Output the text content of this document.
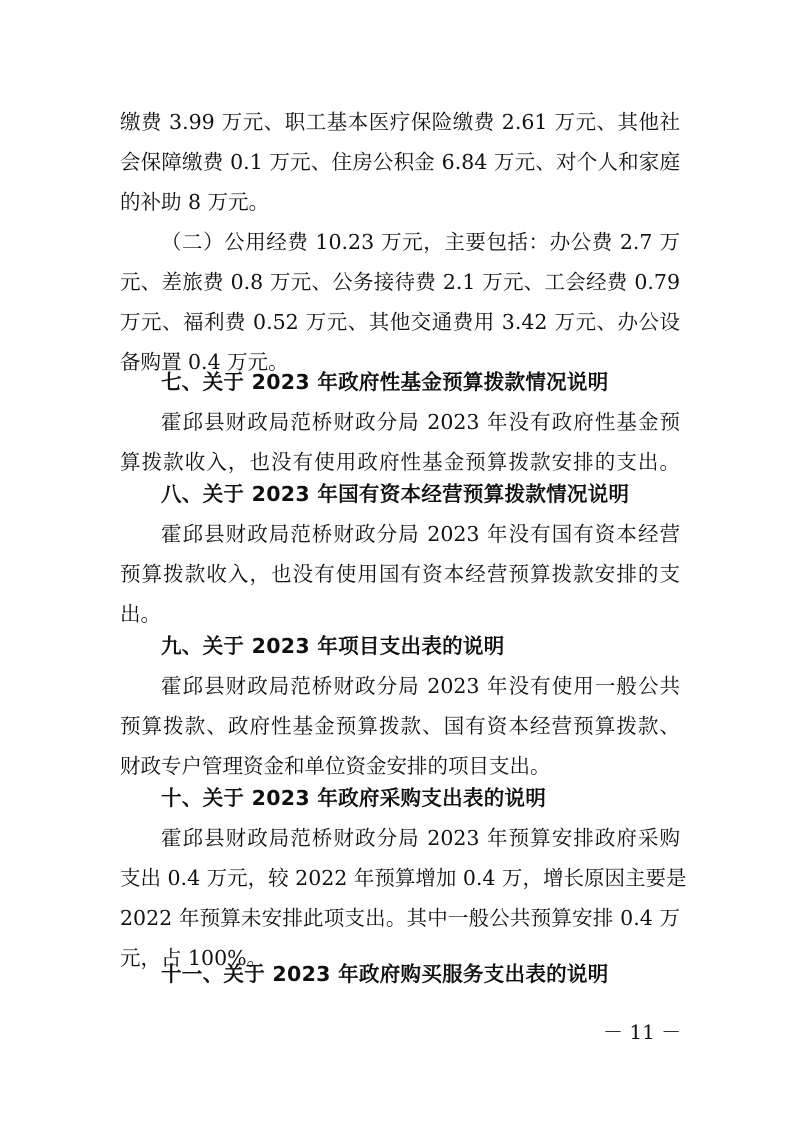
缴费 3.99 万元、职工基本医疗保险缴费 2.61 万元、其他社
会保障缴费 0.1 万元、住房公积金 6.84 万元、对个人和家庭
的补助 8 万元。
（二）公用经费 10.23 万元，主要包括：办公费 2.7 万
元、差旅费 0.8 万元、公务接待费 2.1 万元、工会经费 0.79
万元、福利费 0.52 万元、其他交通费用 3.42 万元、办公设
备购置 0.4 万元。
七、关于 2023 年政府性基金预算拨款情况说明
霍邱县财政局范桥财政分局 2023 年没有政府性基金预
算拨款收入，也没有使用政府性基金预算拨款安排的支出。
八、关于 2023 年国有资本经营预算拨款情况说明
霍邱县财政局范桥财政分局 2023 年没有国有资本经营
预算拨款收入，也没有使用国有资本经营预算拨款安排的支
出。
九、关于 2023 年项目支出表的说明
霍邱县财政局范桥财政分局 2023 年没有使用一般公共
预算拨款、政府性基金预算拨款、国有资本经营预算拨款、
财政专户管理资金和单位资金安排的项目支出。
十、关于 2023 年政府采购支出表的说明
霍邱县财政局范桥财政分局 2023 年预算安排政府采购
支出 0.4 万元，较 2022 年预算增加 0.4 万，增长原因主要是
2022 年预算未安排此项支出。其中一般公共预算安排 0.4 万
元，占 100%。
十一、关于 2023 年政府购买服务支出表的说明
－ 11 －
